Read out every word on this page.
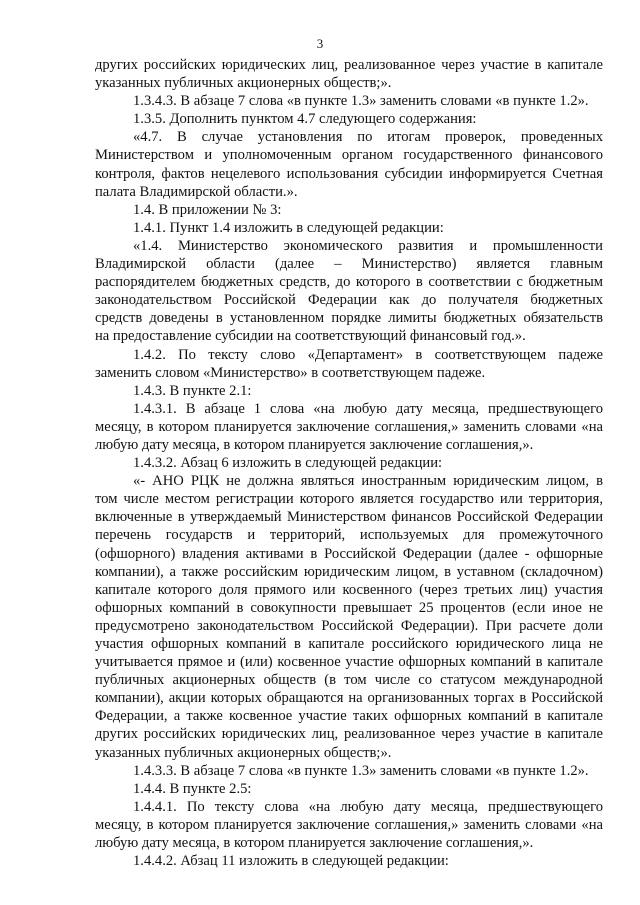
3
других российских юридических лиц, реализованное через участие в капитале
указанных публичных акционерных обществ;».
1.3.4.3. В абзаце 7 слова «в пункте 1.3» заменить словами «в пункте 1.2».
1.3.5. Дополнить пунктом 4.7 следующего содержания:
«4.7. В случае установления по итогам проверок, проведенных
Министерством и уполномоченным органом государственного финансового
контроля, фактов нецелевого использования субсидии информируется Счетная
палата Владимирской области.».
1.4. В приложении № 3:
1.4.1. Пункт 1.4 изложить в следующей редакции:
«1.4. Министерство экономического развития и промышленности
Владимирской области (далее – Министерство) является главным
распорядителем бюджетных средств, до которого в соответствии с бюджетным
законодательством Российской Федерации как до получателя бюджетных
средств доведены в установленном порядке лимиты бюджетных обязательств
на предоставление субсидии на соответствующий финансовый год.».
1.4.2. По тексту слово «Департамент» в соответствующем падеже
заменить словом «Министерство» в соответствующем падеже.
1.4.3. В пункте 2.1:
1.4.3.1. В абзаце 1 слова «на любую дату месяца, предшествующего
месяцу, в котором планируется заключение соглашения,» заменить словами «на
любую дату месяца, в котором планируется заключение соглашения,».
1.4.3.2. Абзац 6 изложить в следующей редакции:
«- АНО РЦК не должна являться иностранным юридическим лицом, в
том числе местом регистрации которого является государство или территория,
включенные в утверждаемый Министерством финансов Российской Федерации
перечень государств и территорий, используемых для промежуточного
(офшорного) владения активами в Российской Федерации (далее - офшорные
компании), а также российским юридическим лицом, в уставном (складочном)
капитале которого доля прямого или косвенного (через третьих лиц) участия
офшорных компаний в совокупности превышает 25 процентов (если иное не
предусмотрено законодательством Российской Федерации). При расчете доли
участия офшорных компаний в капитале российского юридического лица не
учитывается прямое и (или) косвенное участие офшорных компаний в капитале
публичных акционерных обществ (в том числе со статусом международной
компании), акции которых обращаются на организованных торгах в Российской
Федерации, а также косвенное участие таких офшорных компаний в капитале
других российских юридических лиц, реализованное через участие в капитале
указанных публичных акционерных обществ;».
1.4.3.3. В абзаце 7 слова «в пункте 1.3» заменить словами «в пункте 1.2».
1.4.4. В пункте 2.5:
1.4.4.1. По тексту слова «на любую дату месяца, предшествующего
месяцу, в котором планируется заключение соглашения,» заменить словами «на
любую дату месяца, в котором планируется заключение соглашения,».
1.4.4.2. Абзац 11 изложить в следующей редакции:
